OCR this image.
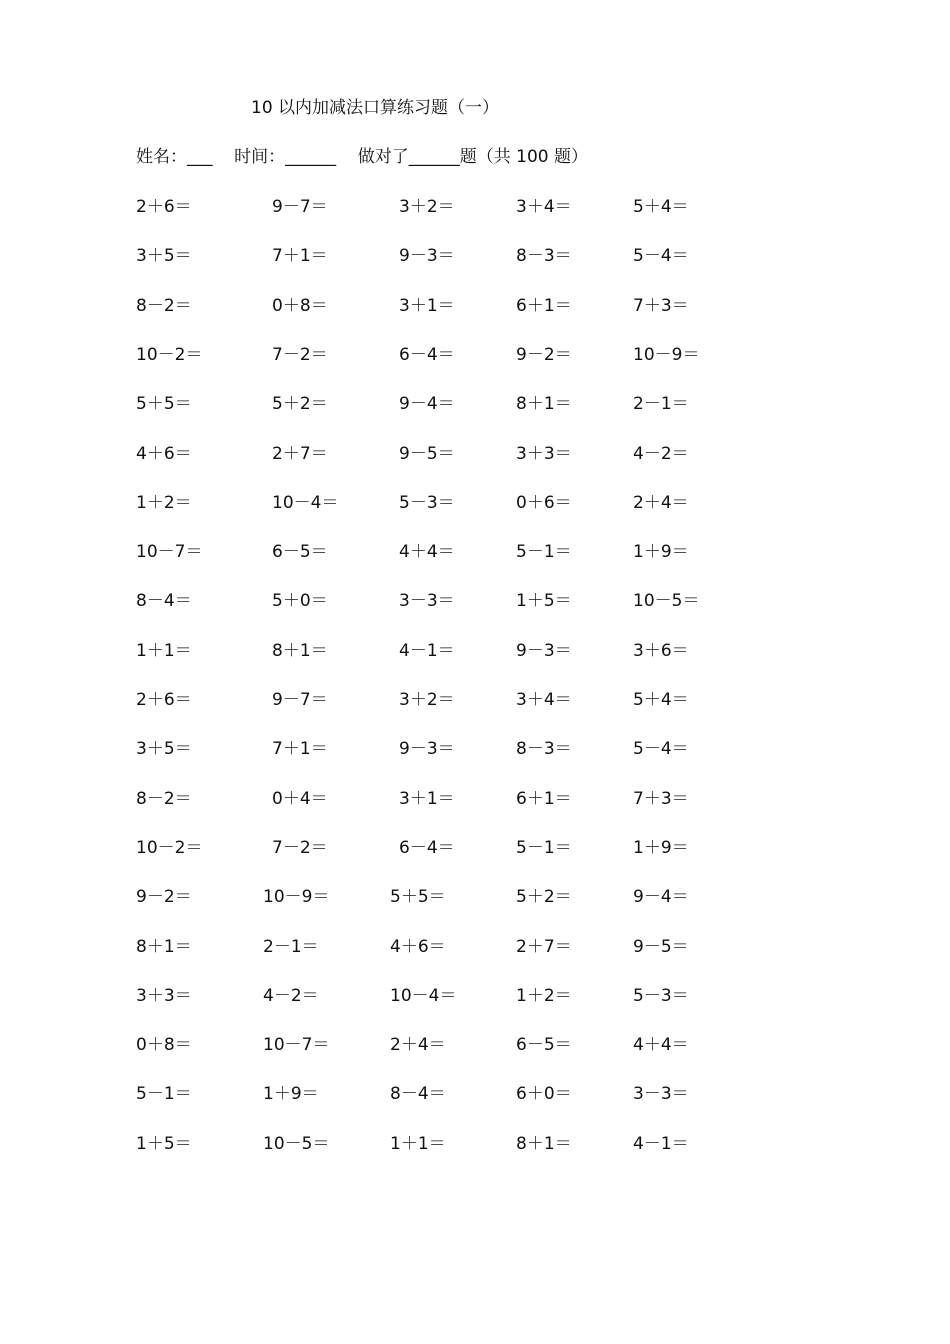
10 以内加减法口算练习题（一）
姓名：___ 时间：______ 做对了______题（共 100 题）
2＋6＝	9－7＝	3＋2＝	3＋4＝	5＋4＝
3＋5＝	7＋1＝	9－3＝	8－3＝	5－4＝
8－2＝	0＋8＝	3＋1＝	6＋1＝	7＋3＝
10－2＝	7－2＝	6－4＝	9－2＝	10－9＝
5＋5＝	5＋2＝	9－4＝	8＋1＝	2－1＝
4＋6＝	2＋7＝	9－5＝	3＋3＝	4－2＝
1＋2＝	10－4＝	5－3＝	0＋6＝	2＋4＝
10－7＝	6－5＝	4＋4＝	5－1＝	1＋9＝
8－4＝	5＋0＝	3－3＝	1＋5＝	10－5＝
1＋1＝	8＋1＝	4－1＝	9－3＝	3＋6＝
2＋6＝	9－7＝	3＋2＝	3＋4＝	5＋4＝
3＋5＝	7＋1＝	9－3＝	8－3＝	5－4＝
8－2＝	0＋4＝	3＋1＝	6＋1＝	7＋3＝
10－2＝	7－2＝	6－4＝	5－1＝	1＋9＝
9－2＝	10－9＝	5＋5＝	5＋2＝	9－4＝
8＋1＝	2－1＝	4＋6＝	2＋7＝	9－5＝
3＋3＝	4－2＝	10－4＝	1＋2＝	5－3＝
0＋8＝	10－7＝	2＋4＝	6－5＝	4＋4＝
5－1＝	1＋9＝	8－4＝	6＋0＝	3－3＝
1＋5＝	10－5＝	1＋1＝	8＋1＝	4－1＝
